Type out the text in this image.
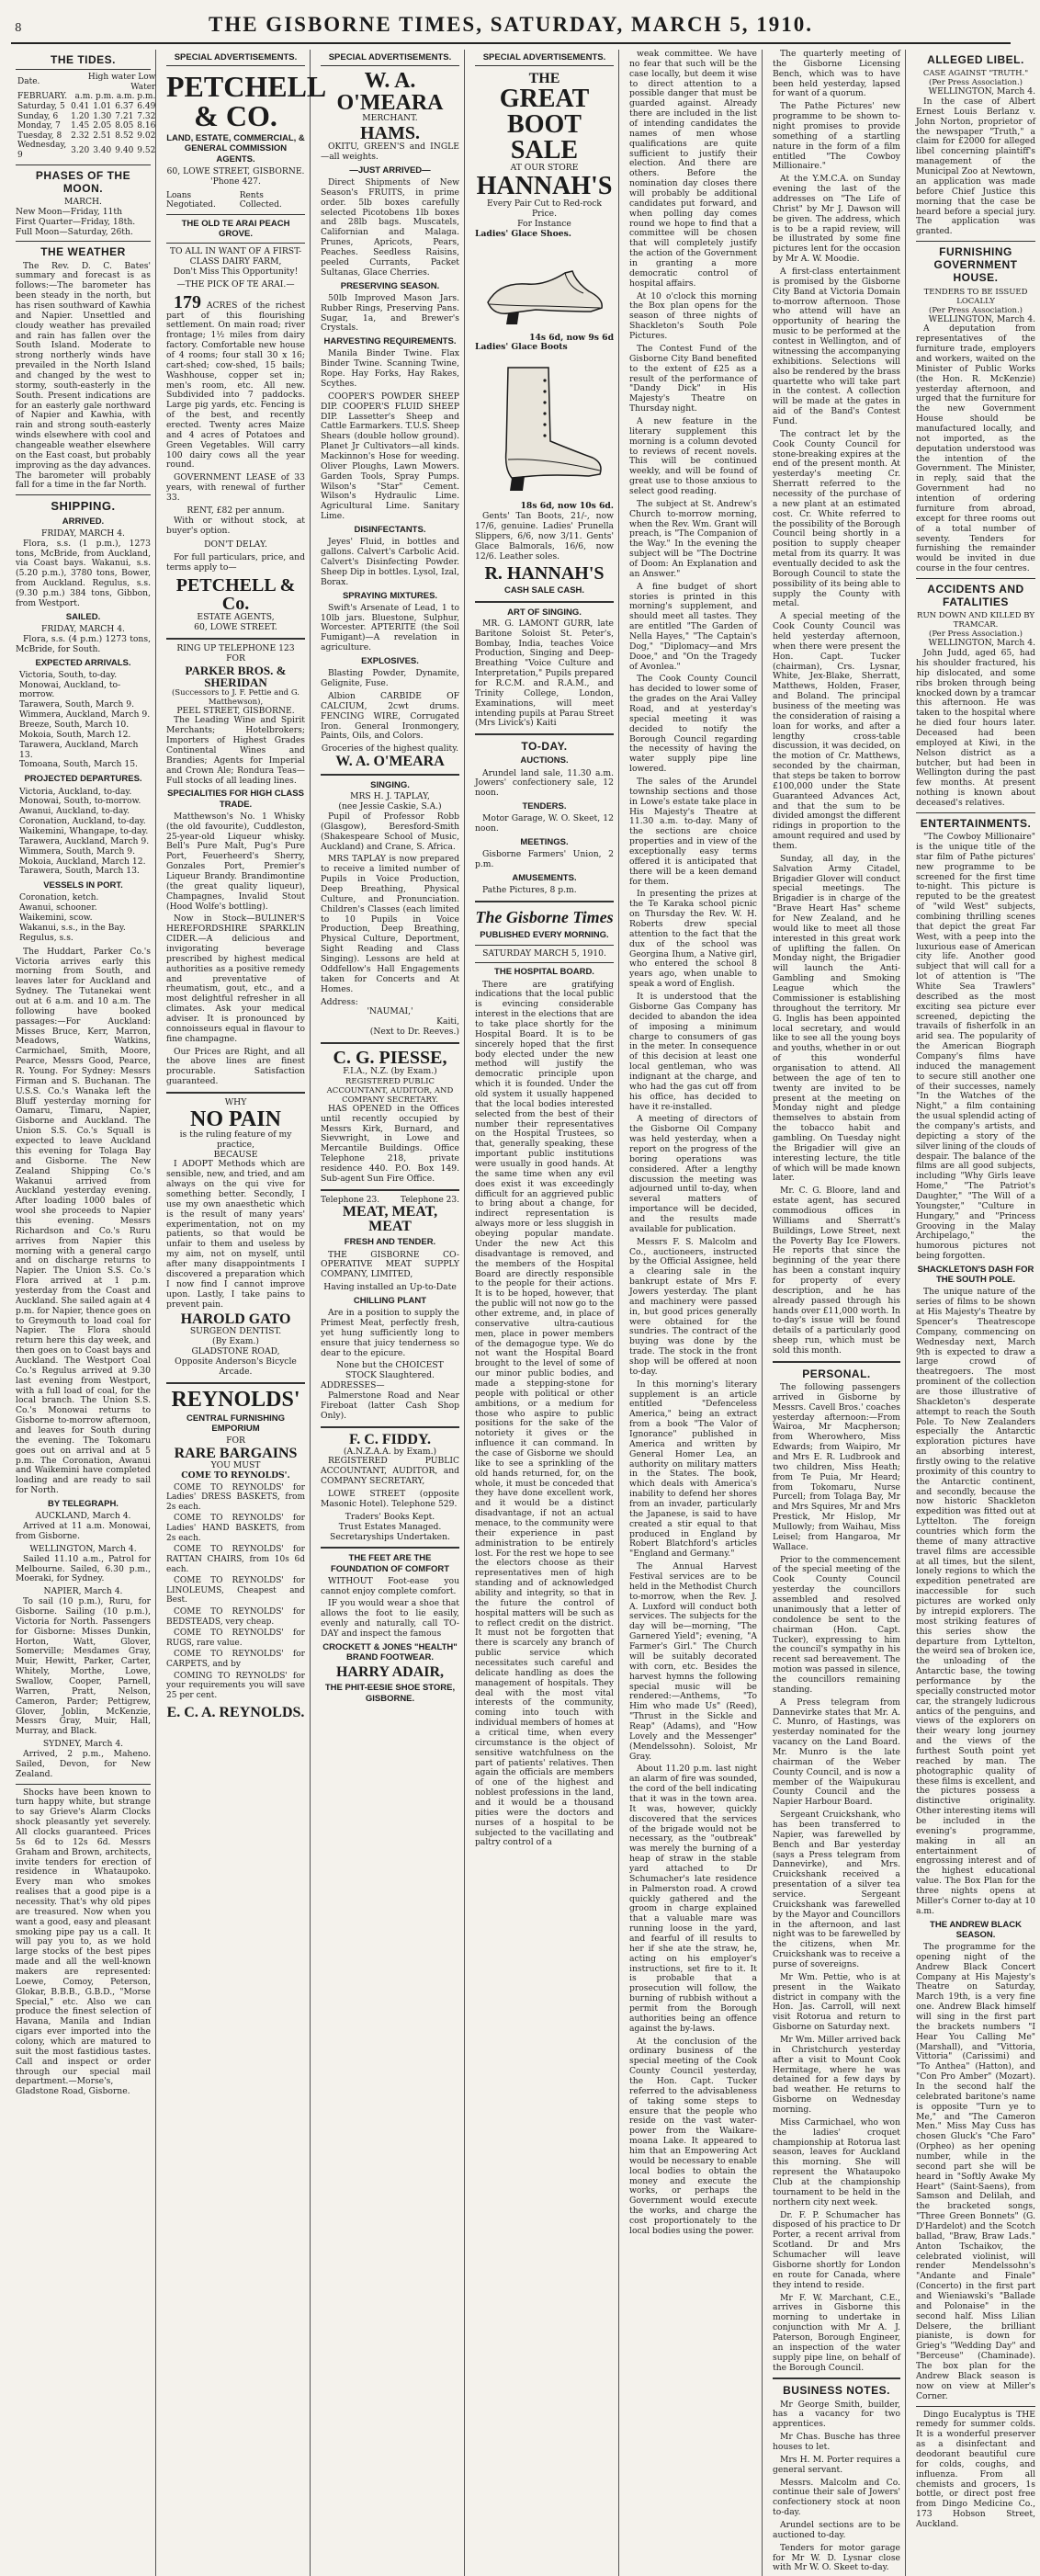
8	THE GISBORNE TIMES, SATURDAY, MARCH 5, 1910.
THE TIDES.
Date.	High water Low Water			
FEBRUARY.	a.m. p.m. a.m. p.m.			
Saturday, 5	0.41	1.01	6.37	6.49
Sunday, 6	1.20	1.30	7.21	7.32
Monday, 7	1.45	2.05	8.05	8.16
Tuesday, 8	2.32	2.51	8.52	9.02
Wednesday, 9	3.20	3.40	9.40	9.52
PHASES OF THE MOON.
MARCH.
New Moon—Friday, 11th
First Quarter—Friday, 18th.
Full Moon—Saturday, 26th.
THE WEATHER

The Rev. D. C. Bates' summary and forecast is as follows:—The barometer has been steady in the north, but has risen southward of Kawhia and Napier. Unsettled and cloudy weather has prevailed and rain has fallen over the South Island. Moderate to strong northerly winds have prevailed in the North Island and changed by the west to stormy, south-easterly in the South. Present indications are for an easterly gale northward of Napier and Kawhia, with rain and strong south-easterly winds elsewhere with cool and changeable weather elsewhere on the East coast, but probably improving as the day advances. The barometer will probably fall for a time in the far North.

SHIPPING.
ARRIVED.
FRIDAY, MARCH 4.

Flora, s.s. (1 p.m.), 1273 tons, McBride, from Auckland, via Coast bays. Wakanui, s.s. (5.20 p.m.), 3780 tons, Bower, from Auckland. Regulus, s.s. (9.30 p.m.) 384 tons, Gibbon, from Westport.

SAILED.
FRIDAY, MARCH 4.

Flora, s.s. (4 p.m.) 1273 tons, McBride, for South.

EXPECTED ARRIVALS.
Victoria, South, to-day.
Monowai, Auckland, to-morrow.
Tarawera, South, March 9.
Wimmera, Auckland, March 9.
Breeze, South, March 10.
Mokoia, South, March 12.
Tarawera, Auckland, March 13.
Tomoana, South, March 15.
PROJECTED DEPARTURES.
Victoria, Auckland, to-day.
Monowai, South, to-morrow.
Awanui, Auckland, to-day.
Coronation, Auckland, to-day.
Waikemini, Whangape, to-day.
Tarawera, Auckland, March 9.
Wimmera, South, March 9.
Mokoia, Auckland, March 12.
Tarawera, South, March 13.
VESSELS IN PORT.
Coronation, ketch.
Awanui, schooner.
Waikemini, scow.
Wakanui, s.s., in the Bay.
Regulus, s.s.

The Huddart, Parker Co.'s Victoria arrives early this morning from South, and leaves later for Auckland and Sydney. The Tutanekai went out at 6 a.m. and 10 a.m. The following have booked passages:—For Auckland: Misses Bruce, Kerr, Marron, Meadows, Watkins, Carmichael, Smith, Moore, Pearce, Messrs Good, Pearce, R. Young. For Sydney: Messrs Firman and S. Buchanan. The U.S.S. Co.'s Wanaka left the Bluff yesterday morning for Oamaru, Timaru, Napier, Gisborne and Auckland. The Union S.S. Co.'s Squall is expected to leave Auckland this evening for Tolaga Bay and Gisborne. The New Zealand Shipping Co.'s Wakanui arrived from Auckland yesterday evening. After loading 1000 bales of wool she proceeds to Napier this evening. Messrs Richardson and Co.'s Ruru arrives from Napier this morning with a general cargo and on discharge returns to Napier. The Union S.S. Co.'s Flora arrived at 1 p.m. yesterday from the Coast and Auckland. She sailed again at 4 p.m. for Napier, thence goes on to Greymouth to load coal for Napier. The Flora should return here this day week, and then goes on to Coast bays and Auckland. The Westport Coal Co.'s Regulus arrived at 9.30 last evening from Westport, with a full load of coal, for the local branch. The Union S.S. Co.'s Monowai returns to Gisborne to-morrow afternoon, and leaves for South during the evening. The Tokomaru goes out on arrival and at 5 p.m. The Coronation, Awanui and Waikemini have completed loading and are ready to sail for North.

BY TELEGRAPH.
AUCKLAND, March 4.

Arrived at 11 a.m. Monowai, from Gisborne.

WELLINGTON, March 4.

Sailed 11.10 a.m., Patrol for Melbourne. Sailed, 6.30 p.m., Moeraki, for Sydney.

NAPIER, March 4.

To sail (10 p.m.), Ruru, for Gisborne. Sailing (10 p.m.), Victoria for North. Passengers for Gisborne: Misses Dunkin, Horton, Watt, Glover, Somerville; Mesdames Gray, Muir, Hewitt, Parker, Carter, Whitely, Morthe, Lowe, Swallow, Cooper, Parnell, Warren, Pratt, Nelson, Cameron, Parder; Pettigrew, Glover, Joblin, McKenzie, Messrs Gray, Muir, Hall, Murray, and Black.

SYDNEY, March 4.

Arrived, 2 p.m., Maheno. Sailed, Devon, for New Zealand.

Shocks have been known to turn happy white, but strange to say Grieve's Alarm Clocks shock pleasantly yet severely. All clocks guaranteed. Prices 5s 6d to 12s 6d. Messrs Graham and Brown, architects, invite tenders for erection of residence in Whataupoko. Every man who smokes realises that a good pipe is a necessity. That's why old pipes are treasured. Now when you want a good, easy and pleasant smoking pipe pay us a call. It will pay you to, as we hold large stocks of the best pipes made and all the well-known makers are represented: Loewe, Comoy, Peterson, Glokar, B.B.B., G.B.D., "Morse Special," etc. Also we can produce the finest selection of Havana, Manila and Indian cigars ever imported into the colony, which are matured to suit the most fastidious tastes. Call and inspect or order through our special mail department.—Morse's, Gladstone Road, Gisborne.

SPECIAL ADVERTISEMENTS.
PETCHELL & CO.
LAND, ESTATE, COMMERCIAL, & GENERAL COMMISSION AGENTS.
60, LOWE STREET, GISBORNE.
'Phone 427.
Loans Negotiated.
Rents Collected.
THE OLD TE ARAI PEACH GROVE.
TO ALL IN WANT OF A FIRST-CLASS DAIRY FARM,
Don't Miss This Opportunity!
—THE PICK OF TE ARAI.—

179 ACRES of the richest part of this flourishing settlement. On main road; river frontage; 1½ miles from dairy factory. Comfortable new house of 4 rooms; four stall 30 x 16; cart-shed; cow-shed, 15 bails; Washhouse, copper set in; men's room, etc. All new. Subdivided into 7 paddocks. Large pig yards, etc. Fencing is of the best, and recently erected. Twenty acres Maize and 4 acres of Potatoes and Green Vegetables. Will carry 100 dairy cows all the year round.

GOVERNMENT LEASE of 33 years, with renewal of further 33.

RENT, £82 per annum.

With or without stock, at buyer's option.

DON'T DELAY.

For full particulars, price, and terms apply to—

PETCHELL & Co.
ESTATE AGENTS,
60, LOWE STREET.
RING UP TELEPHONE 123 FOR
PARKER BROS. & SHERIDAN
(Successors to J. F. Pettie and G. Matthewson),
PEEL STREET, GISBORNE.

The Leading Wine and Spirit Merchants; Hotelbrokers; Importers of Highest Grades Continental Wines and Brandies; Agents for Imperial and Crown Ale; Rondura Teas—Full stocks of all leading lines.

SPECIALITIES FOR HIGH CLASS TRADE.

Matthewson's No. 1 Whisky (the old favourite), Cuddleston, 25-year-old Liqueur whisky. Bell's Pure Malt, Pug's Pure Port, Feuerheerd's Sherry, Gonzales Port, Premier's Liqueur Brandy. Brandimontine (the great quality liqueur), Champagnes, Invalid Stout (Hood Wolfe's bottling).

Now in Stock—BULINER'S HEREFORDSHIRE SPARKLIN CIDER.—A delicious and invigorating beverage prescribed by highest medical authorities as a positive remedy and preventative of rheumatism, gout, etc., and a most delightful refresher in all climates. Ask your medical adviser. It is pronounced by connoisseurs equal in flavour to fine champagne.

Our Prices are Right, and all the above lines are finest procurable. Satisfaction guaranteed.

WHY
NO PAIN
is the ruling feature of my practice,
BECAUSE

I ADOPT Methods which are sensible, new, and tried, and am always on the qui vive for something better. Secondly, I use my own anaesthetic which is the result of many years' experimentation, not on my patients, so that would be unfair to them and useless by my aim, not on myself, until after many disappointments I discovered a preparation which I now find I cannot improve upon. Lastly, I take pains to prevent pain.

HAROLD GATO
SURGEON DENTIST.
(By Exam.)
GLADSTONE ROAD,
Opposite Anderson's Bicycle Arcade.
REYNOLDS'
CENTRAL FURNISHING EMPORIUM
FOR
RARE BARGAINS
YOU MUST
COME TO REYNOLDS'.

COME TO REYNOLDS' for Ladies' DRESS BASKETS, from 2s each.

COME TO REYNOLDS' for Ladies' HAND BASKETS, from 2s each.

COME TO REYNOLDS' for RATTAN CHAIRS, from 10s 6d each.

COME TO REYNOLDS' for LINOLEUMS, Cheapest and Best.

COME TO REYNOLDS' for BEDSTEADS, very cheap.

COME TO REYNOLDS' for RUGS, rare value.

COME TO REYNOLDS' for CARPETS, and by

COMING TO REYNOLDS' for your requirements you will save 25 per cent.

E. C. A. REYNOLDS.
SPECIAL ADVERTISEMENTS.
W. A. O'MEARA
MERCHANT.
HAMS.

OKITU, GREEN'S and INGLE—all weights.

—JUST ARRIVED—

Direct Shipments of New Season's FRUITS, in prime order. 5lb boxes carefully selected Picotobens 1lb boxes and 28lb bags. Muscatels, Californian and Malaga. Prunes, Apricots, Pears, Peaches. Seedless Raisins, peeled Currants, Packet Sultanas, Glace Cherries.

PRESERVING SEASON.

50lb Improved Mason Jars. Rubber Rings, Preserving Pans. Sugar, 1a, and Brewer's Crystals.

HARVESTING REQUIREMENTS.

Manila Binder Twine. Flax Binder Twine. Scanning Twine, Rope. Hay Forks, Hay Rakes, Scythes.

COOPER'S POWDER SHEEP DIP. COOPER'S FLUID SHEEP DIP. Lassetter's Sheep and Cattle Earmarkers. T.U.S. Sheep Shears (double hollow ground). Planet Jr Cultivators—all kinds. Mackinnon's Hose for weeding. Oliver Ploughs, Lawn Mowers. Garden Tools, Spray Pumps. Wilson's "Star" Cement. Wilson's Hydraulic Lime. Agricultural Lime. Sanitary Lime.

DISINFECTANTS.

Jeyes' Fluid, in bottles and gallons. Calvert's Carbolic Acid. Calvert's Disinfecting Powder. Sheep Dip in bottles. Lysol, Izal, Borax.

SPRAYING MIXTURES.

Swift's Arsenate of Lead, 1 to 10lb jars. Bluestone, Sulphur, Worcester. APTERITE (the Soil Fumigant)—A revelation in agriculture.

EXPLOSIVES.

Blasting Powder, Dynamite, Gelignite, Fuse.

Albion CARBIDE OF CALCIUM, 2cwt drums. FENCING WIRE, Corrugated Iron. General Ironmongery, Paints, Oils, and Colors.

Groceries of the highest quality.
W. A. O'MEARA
SINGING.
MRS H. J. TAPLAY,
(nee Jessie Caskie, S.A.)

Pupil of Professor Robb (Glasgow), Beresford-Smith (Shakespeare School of Music, Auckland) and Crane, S. Africa.

MRS TAPLAY is now prepared to receive a limited number of Pupils in Voice Production, Deep Breathing, Physical Culture, and Pronunciation. Children's Classes (each limited to 10 Pupils in Voice Production, Deep Breathing, Physical Culture, Deportment, Sight Reading and Class Singing). Lessons are held at Oddfellow's Hall Engagements taken for Concerts and At Homes.

Address:
'NAUMAI,'
Kaiti,
(Next to Dr. Reeves.)
C. G. PIESSE,
F.I.A., N.Z. (by Exam.)
REGISTERED PUBLIC ACCOUNTANT, AUDITOR, AND COMPANY SECRETARY.

HAS OPENED in the Offices until recently occupied by Messrs Kirk, Burnard, and Sievwright, in Lowe and Mercantile Buildings. Office Telephone 218, private residence 440. P.O. Box 149. Sub-agent Sun Fire Office.

Telephone 23.	Telephone 23.
MEAT, MEAT, MEAT
FRESH AND TENDER.

THE GISBORNE CO-OPERATIVE MEAT SUPPLY COMPANY, LIMITED,

Having installed an Up-to-Date
CHILLING PLANT

Are in a position to supply the Primest Meat, perfectly fresh, yet hung sufficiently long to ensure that juicy tenderness so dear to the epicure.

None but the CHOICEST STOCK Slaughtered.
ADDRESSES—

Palmerstone Road and Near Fireboat (latter Cash Shop Only).

F. C. FIDDY.
(A.N.Z.A.A. by Exam.)

REGISTERED PUBLIC ACCOUNTANT, AUDITOR, and COMPANY SECRETARY,

LOWE STREET (opposite Masonic Hotel). Telephone 529.

Traders' Books Kept.
Trust Estates Managed.
Secretaryships Undertaken.
THE FEET ARE THE FOUNDATION OF COMFORT

WITHOUT Foot-ease you cannot enjoy complete comfort.

IF you would wear a shoe that allows the foot to lie easily, evenly and naturally, call TO-DAY and inspect the famous

CROCKETT & JONES "HEALTH" BRAND FOOTWEAR.
HARRY ADAIR,
THE PHIT-EESIE SHOE STORE, GISBORNE.
SPECIAL ADVERTISEMENTS.
THE
GREAT
BOOT SALE
AT OUR STORE
HANNAH'S
Every Pair Cut to Red-rock Price.
For Instance
Ladies' Glace Shoes.
14s 6d, now 9s 6d
Ladies' Glace Boots
18s 6d, now 10s 6d.

Gents' Tan Boots, 21/-, now 17/6, genuine. Ladies' Prunella Slippers, 6/6, now 3/11. Gents' Glace Balmorals, 16/6, now 12/6. Leather soles.

R. HANNAH'S
CASH SALE CASH.
ART OF SINGING.

MR. G. LAMONT GURR, late Baritone Soloist St. Peter's, Bombay, India, teaches Voice Production, Singing and Deep-Breathing "Voice Culture and Interpretation," Pupils prepared for R.C.M. and R.A.M., and Trinity College, London, Examinations, will meet intending pupils at Parau Street (Mrs Livick's) Kaiti

TO-DAY.
AUCTIONS.

Arundel land sale, 11.30 a.m. Jowers' confectionery sale, 12 noon.

TENDERS.

Motor Garage, W. O. Skeet, 12 noon.

MEETINGS.

Gisborne Farmers' Union, 2 p.m.

AMUSEMENTS.

Pathe Pictures, 8 p.m.

The Gisborne Times
PUBLISHED EVERY MORNING.
SATURDAY MARCH 5, 1910.
THE HOSPITAL BOARD.

There are gratifying indications that the local public is evincing considerable interest in the elections that are to take place shortly for the Hospital Board. It is to be sincerely hoped that the first body elected under the new method will justify the democratic principle upon which it is founded. Under the old system it usually happened that the local bodies interested selected from the best of their number their representatives on the Hospital Trustees, so that, generally speaking, these important public institutions were usually in good hands. At the same time when any evil does exist it was exceedingly difficult for an aggrieved public to bring about a change, for indirect representation is always more or less sluggish in obeying popular mandate. Under the new Act this disadvantage is removed, and the members of the Hospital Board are directly responsible to the people for their actions. It is to be hoped, however, that the public will not now go to the other extreme, and, in place of conservative ultra-cautious men, place in power members of the demagogue type. We do not want the Hospital Board brought to the level of some of our minor public bodies, and made a stepping-stone for people with political or other ambitions, or a medium for those who aspire to public positions for the sake of the notoriety it gives or the influence it can command. In the case of Gisborne we should like to see a sprinkling of the old hands returned, for, on the whole, it must be conceded that they have done excellent work, and it would be a distinct disadvantage, if not an actual menace, to the community were their experience in past administration to be entirely lost. For the rest we hope to see the electors choose as their representatives men of high standing and of acknowledged ability and integrity, so that in the future the control of hospital matters will be such as to reflect credit on the district. It must not be forgotten that there is scarcely any branch of public service which necessitates such careful and delicate handling as does the management of hospitals. They deal with the most vital interests of the community, coming into touch with individual members of homes at a critical time, when every circumstance is the object of sensitive watchfulness on the part of patients' relatives. Then again the officials are members of one of the highest and noblest professions in the land, and it would be a thousand pities were the doctors and nurses of a hospital to be subjected to the vacillating and paltry control of a

weak committee. We have no fear that such will be the case locally, but deem it wise to direct attention to a possible danger that must be guarded against. Already there are included in the list of intending candidates the names of men whose qualifications are quite sufficient to justify their election. And there are others. Before the nomination day closes there will probably be additional candidates put forward, and when polling day comes round we hope to find that a committee will be chosen that will completely justify the action of the Government in granting a more democratic control of hospital affairs.

At 10 o'clock this morning the Box plan opens for the season of three nights of Shackleton's South Pole Pictures.

The Contest Fund of the Gisborne City Band benefited to the extent of £25 as a result of the performance of "Dandy Dick" in His Majesty's Theatre on Thursday night.

A new feature in the literary supplement this morning is a column devoted to reviews of recent novels. This will be continued weekly, and will be found of great use to those anxious to select good reading.

The subject at St. Andrew's Church to-morrow morning, when the Rev. Wm. Grant will preach, is "The Companion of the Way." In the evening the subject will be "The Doctrine of Doom: An Explanation and an Answer."

A fine budget of short stories is printed in this morning's supplement, and should meet all tastes. They are entitled "The Garden of Nella Hayes," "The Captain's Dog," "Diplomacy—and Mrs Dooe," and "On the Tragedy of Avonlea."

The Cook County Council has decided to lower some of the grades on the Arai Valley Road, and at yesterday's special meeting it was decided to notify the Borough Council regarding the necessity of having the water supply pipe line lowered.

The sales of the Arundel township sections and those in Lowe's estate take place in His Majesty's Theatre at 11.30 a.m. to-day. Many of the sections are choice properties and in view of the exceptionally easy terms offered it is anticipated that there will be a keen demand for them.

In presenting the prizes at the Te Karaka school picnic on Thursday the Rev. W. H. Roberts drew special attention to the fact that the dux of the school was Georgina Ihum, a Native girl, who entered the school 8 years ago, when unable to speak a word of English.

It is understood that the Gisborne Gas Company has decided to abandon the idea of imposing a minimum charge to consumers of gas in the meter. In consequence of this decision at least one local gentleman, who was indignant at the charge, and who had the gas cut off from his office, has decided to have it re-installed.

A meeting of directors of the Gisborne Oil Company was held yesterday, when a report on the progress of the boring operations was considered. After a lengthy discussion the meeting was adjourned until to-day, when several matters of importance will be decided, and the results made available for publication.

Messrs F. S. Malcolm and Co., auctioneers, instructed by the Official Assignee, held a clearing sale in the bankrupt estate of Mrs F. Jowers yesterday. The plant and machinery were passed in, but good prices generally were obtained for the sundries. The contract of the buying was done by the trade. The stock in the front shop will be offered at noon to-day.

In this morning's literary supplement is an article entitled "Defenceless America," being an extract from a book "The Valor of Ignorance" published in America and written by General Homer Lea, an authority on military matters in the States. The book, which deals with America's inability to defend her shores from an invader, particularly the Japanese, is said to have created a stir equal to that produced in England by Robert Blatchford's articles "England and Germany."

The Annual Harvest Festival services are to be held in the Methodist Church to-morrow, when the Rev. J. A. Luxford will conduct both services. The subjects for the day will be—morning, "The Garnered Yield"; evening, "A Farmer's Girl." The Church will be suitably decorated with corn, etc. Besides the harvest hymns the following special music will be rendered:—Anthems, "To Him who made Us" (Reed), "Thrust in the Sickle and Reap" (Adams), and "How Lovely and the Messenger" (Mendelssohn). Soloist, Mr Gray.

About 11.20 p.m. last night an alarm of fire was sounded, the cord of the bell indicating that it was in the town area. It was, however, quickly discovered that the services of the brigade would not be necessary, as the "outbreak" was merely the burning of a heap of straw in the stable yard attached to Dr Schumacher's late residence in Palmerston road. A crowd quickly gathered and the groom in charge explained that a valuable mare was running loose in the yard, and fearful of ill results to her if she ate the straw, he, acting on his employer's instructions, set fire to it. It is probable that a prosecution will follow, the burning of rubbish without a permit from the Borough authorities being an offence against the by-laws.

At the conclusion of the ordinary business of the special meeting of the Cook County Council yesterday, the Hon. Capt. Tucker referred to the advisableness of taking some steps to ensure that the people who reside on the vast water-power from the Waikare-moana Lake. It appeared to him that an Empowering Act would be necessary to enable local bodies to obtain the money and execute the works, or perhaps the Government would execute the works, and charge the cost proportionately to the local bodies using the power.

The quarterly meeting of the Gisborne Licensing Bench, which was to have been held yesterday, lapsed for want of a quorum.

The Pathe Pictures' new programme to be shown to-night promises to provide something of a startling nature in the form of a film entitled "The Cowboy Millionaire."

At the Y.M.C.A. on Sunday evening the last of the addresses on "The Life of Christ" by Mr J. Dawson will be given. The address, which is to be a rapid review, will be illustrated by some fine pictures lent for the occasion by Mr A. W. Moodie.

A first-class entertainment is promised by the Gisborne City Band at Victoria Domain to-morrow afternoon. Those who attend will have an opportunity of hearing the music to be performed at the contest in Wellington, and of witnessing the accompanying exhibitions. Selections will also be rendered by the brass quartette who will take part in the contest. A collection will be made at the gates in aid of the Band's Contest Fund.

The contract let by the Cook County Council for stone-breaking expires at the end of the present month. At yesterday's meeting Cr. Sherratt referred to the necessity of the purchase of a new plant at an estimated cost. Cr. White referred to the possibility of the Borough Council being shortly in a position to supply cheaper metal from its quarry. It was eventually decided to ask the Borough Council to state the possibility of its being able to supply the County with metal.

A special meeting of the Cook County Council was held yesterday afternoon, when there were present the Hon. Capt. Tucker (chairman), Crs. Lysnar, White, Jex-Blake, Sherratt, Matthews, Holden, Fraser, and Boland. The principal business of the meeting was the consideration of raising a loan for works, and after a lengthy cross-table discussion, it was decided, on the motion of Cr. Matthews, seconded by the chairman, that steps be taken to borrow £100,000 under the State Guaranteed Advances Act, and that the sum to be divided amongst the different ridings in proportion to the amount required and used by them.

Sunday, all day, in the Salvation Army Citadel, Brigadier Glover will conduct special meetings. The Brigadier is in charge of the "Brave Heart Has" scheme for New Zealand, and he would like to meet all those interested in this great work of uplifting the fallen. On Monday night, the Brigadier will launch the Anti-Gambling and Smoking League which the Commissioner is establishing throughout the territory. Mr G. Inglis has been appointed local secretary, and would like to see all the young boys and youths, whether in or out of this wonderful organisation to attend. All between the age of ten to twenty are invited to be present at the meeting on Monday night and pledge themselves to abstain from the tobacco habit and gambling. On Tuesday night the Brigadier will give an interesting lecture, the title of which will be made known later.

Mr. C. G. Bloore, land and estate agent, has secured commodious offices in Williams and Sherratt's Buildings, Lowe Street, next the Poverty Bay Ice Flowers. He reports that since the beginning of the year there has been a constant inquiry for property of every description, and he has already passed through his hands over £11,000 worth. In to-day's issue will be found details of a particularly good sheep run, which must be sold this month.

PERSONAL.

The following passengers arrived in Gisborne by Messrs. Cavell Bros.' coaches yesterday afternoon:—From Wairoa, Mr Macpherson; from Wherowhero, Miss Edwards; from Waipiro, Mr and Mrs E. R. Ludbrook and two children, Miss Heath; from Te Puia, Mr Heard; from Tokomaru, Nurse Purcell; from Tolaga Bay, Mr and Mrs Squires, Mr and Mrs Prestick, Mr Hislop, Mr Mullowly; from Waihau, Miss Leisel; from Hangaroa, Mr Wallace.

Prior to the commencement of the special meeting of the Cook County Council yesterday the councillors assembled and resolved unanimously that a letter of condolence be sent to the chairman (Hon. Capt. Tucker), expressing to him the council's sympathy in his recent sad bereavement. The motion was passed in silence, the councillors remaining standing.

A Press telegram from Dannevirke states that Mr. A. C. Munro, of Hastings, was yesterday nominated for the vacancy on the Land Board. Mr. Munro is the late chairman of the Weber County Council, and is now a member of the Waipukurau County Council and the Napier Harbour Board.

Sergeant Cruickshank, who has been transferred to Napier, was farewelled by Bench and Bar yesterday (says a Press telegram from Dannevirke), and Mrs. Cruickshank received a presentation of a silver tea service. Sergeant Cruickshank was farewelled by the Mayor and Councillors in the afternoon, and last night was to be farewelled by the citizens, when Mr. Cruickshank was to receive a purse of sovereigns.

Mr Wm. Pettie, who is at present in the Waikato district in company with the Hon. Jas. Carroll, will next visit Rotorua and return to Gisborne on Saturday next.

Mr Wm. Miller arrived back in Christchurch yesterday after a visit to Mount Cook Hermitage, where he was detained for a few days by bad weather. He returns to Gisborne on Wednesday morning.

Miss Carmichael, who won the ladies' croquet championship at Rotorua last season, leaves for Auckland this morning. She will represent the Whataupoko Club at the championship tournament to be held in the northern city next week.

Dr. F. P. Schumacher has disposed of his practice to Dr Porter, a recent arrival from Scotland. Dr and Mrs Schumacher will leave Gisborne shortly for London en route for Canada, where they intend to reside.

Mr F. W. Marchant, C.E., arrives in Gisborne this morning to undertake in conjunction with Mr A. J. Paterson, Borough Engineer, an inspection of the water supply pipe line, on behalf of the Borough Council.

BUSINESS NOTES.

Mr George Smith, builder, has a vacancy for two apprentices.

Mr Chas. Busche has three houses to let.

Mrs H. M. Porter requires a general servant.

Messrs. Malcolm and Co. continue their sale of Jowers' confectionery stock at noon to-day.

Arundel sections are to be auctioned to-day.

Tenders for motor garage for Mr W. D. Lysnar close with Mr W. O. Skeet to-day.

ALLEGED LIBEL.
CASE AGAINST "TRUTH."
(Per Press Association.)
WELLINGTON, March 4.

In the case of Albert Ernest Louis Berlanz v. John Norton, proprietor of the newspaper "Truth," a claim for £2000 for alleged libel concerning plaintiff's management of the Municipal Zoo at Newtown, an application was made before Chief Justice this morning that the case be heard before a special jury. The application was granted.

FURNISHING GOVERNMENT HOUSE.
TENDERS TO BE ISSUED LOCALLY
(Per Press Association.)
WELLINGTON, March 4.

A deputation from representatives of the furniture trade, employers and workers, waited on the Minister of Public Works (the Hon. R. McKenzie) yesterday afternoon, and urged that the furniture for the new Government House should be manufactured locally, and not imported, as the deputation understood was the intention of the Government. The Minister, in reply, said that the Government had no intention of ordering furniture from abroad, except for three rooms out of a total number of seventy. Tenders for furnishing the remainder would be invited in due course in the four centres.

ACCIDENTS AND FATALITIES
RUN DOWN AND KILLED BY TRAMCAR.
(Per Press Association.)
WELLINGTON, March 4.

John Judd, aged 65, had his shoulder fractured, his hip dislocated, and some ribs broken through being knocked down by a tramcar this afternoon. He was taken to the hospital where he died four hours later. Deceased had been employed at Kiwi, in the Nelson district as a butcher, but had been in Wellington during the past few months. At present nothing is known about deceased's relatives.

ENTERTAINMENTS.

"The Cowboy Millionaire" is the unique title of the star film of Pathe pictures' new programme to be screened for the first time to-night. This picture is reputed to be the greatest of "wild West" subjects, combining thrilling scenes that depict the great Far West, with a peep into the luxurious ease of American city life. Another good subject that will call for a lot of attention is "The White Sea Trawlers" described as the most exciting sea picture ever screened, depicting the travails of fisherfolk in an arid sea. The popularity of the American Biograph Company's films have induced the management to secure still another one of their successes, namely "In the Watches of the Night," a film containing the usual splendid acting of the company's artists, and depicting a story of the silver lining of the clouds of despair. The balance of the films are all good subjects, including "Why Girls leave Home," "The Patriot's Daughter," "The Will of a Youngster," "Culture in Hungary," and "Princess Grooving in the Malay Archipelago," the humorous pictures not being forgotten.

SHACKLETON'S DASH FOR THE SOUTH POLE.

The unique nature of the series of films to be shown at His Majesty's Theatre by Spencer's Theatrescope Company, commencing on Wednesday next, March 9th is expected to draw a large crowd of theatregoers. The most prominent of the collection are those illustrative of Shackleton's desperate attempt to reach the South Pole. To New Zealanders especially the Antarctic exploration pictures have an absorbing interest, firstly owing to the relative proximity of this country to the Antarctic continent, and secondly, because the now historic Shackleton expedition was fitted out at Lyttelton. The foreign countries which form the theme of many attractive travel films are accessible at all times, but the silent, lonely regions to which the expedition penetrated are inaccessible for such pictures are worked only by intrepid explorers. The most striking features of this series show the departure from Lyttelton, the weird sea of broken ice, the unloading of the Antarctic base, the towing performance by the specially constructed motor car, the strangely ludicrous antics of the penguins, and views of the explorers on their weary long journey and the views of the furthest South point yet reached by man. The photographic quality of these films is excellent, and the pictures possess a distinctive originality. Other interesting items will be included in the evening's programme, making in all an entertainment of engrossing interest and of the highest educational value. The Box Plan for the three nights opens at Miller's Corner to-day at 10 a.m.

THE ANDREW BLACK SEASON.

The programme for the opening night of the Andrew Black Concert Company at His Majesty's Theatre on Saturday, March 19th, is a very fine one. Andrew Black himself will sing in the first part the brackets numbers "I Hear You Calling Me" (Marshall), and "Vittoria, Vittoria" (Carissimi) and "To Anthea" (Hatton), and "Con Pro Amber" (Mozart). In the second half the celebrated baritone's name is opposite "Turn ye to Me," and "The Cameron Men." Miss May Cuss has chosen Gluck's "Che Faro" (Orpheo) as her opening number, while in the second part she will be heard in "Softly Awake My Heart" (Saint-Saens), from Samson and Delilah, and the bracketed songs, "Three Green Bonnets" (G. D'Hardelot) and the Scotch ballad, "Braw, Braw Lads." Anton Tschaikov, the celebrated violinist, will render Mendelssohn's "Andante and Finale" (Concerto) in the first part and Wieniawski's "Ballade and Polonaise" in the second half. Miss Lilian Delsere, the brilliant pianiste, is down for Grieg's "Wedding Day" and "Berceuse" (Chaminade). The box plan for the Andrew Black season is now on view at Miller's Corner.

Dingo Eucalyptus is THE remedy for summer colds. It is a wonderful preserver as a disinfectant and deodorant beautiful cure for colds, coughs, and influenza. From all chemists and grocers, 1s bottle, or direct post free from Dingo Medicine Co., 173 Hobson Street, Auckland.
